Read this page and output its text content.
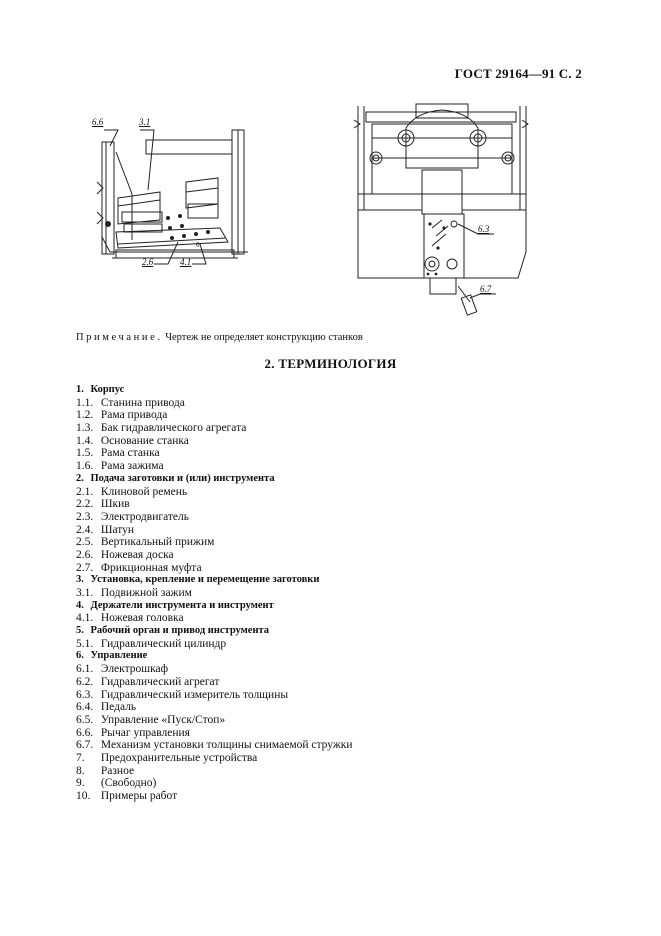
ГОСТ 29164—91 С. 2
6.6	3.1
2.6	4.1
6
6.3
6.7
Примечание. Чертеж не определяет конструкцию станков
2. ТЕРМИНОЛОГИЯ
1. Корпус
1.1. Станина привода
1.2. Рама привода
1.3. Бак гидравлического агрегата
1.4. Основание станка
1.5. Рама станка
1.6. Рама зажима
2. Подача заготовки и (или) инструмента
2.1. Клиновой ремень
2.2. Шкив
2.3. Электродвигатель
2.4. Шатун
2.5. Вертикальный прижим
2.6. Ножевая доска
2.7. Фрикционная муфта
3. Установка, крепление и перемещение заготовки
3.1. Подвижной зажим
4. Держатели инструмента и инструмент
4.1. Ножевая головка
5. Рабочий орган и привод инструмента
5.1. Гидравлический цилиндр
6. Управление
6.1. Электрошкаф
6.2. Гидравлический агрегат
6.3. Гидравлический измеритель толщины
6.4. Педаль
6.5. Управление «Пуск/Стоп»
6.6. Рычаг управления
6.7. Механизм установки толщины снимаемой стружки
7. Предохранительные устройства
8. Разное
9. (Свободно)
10. Примеры работ
